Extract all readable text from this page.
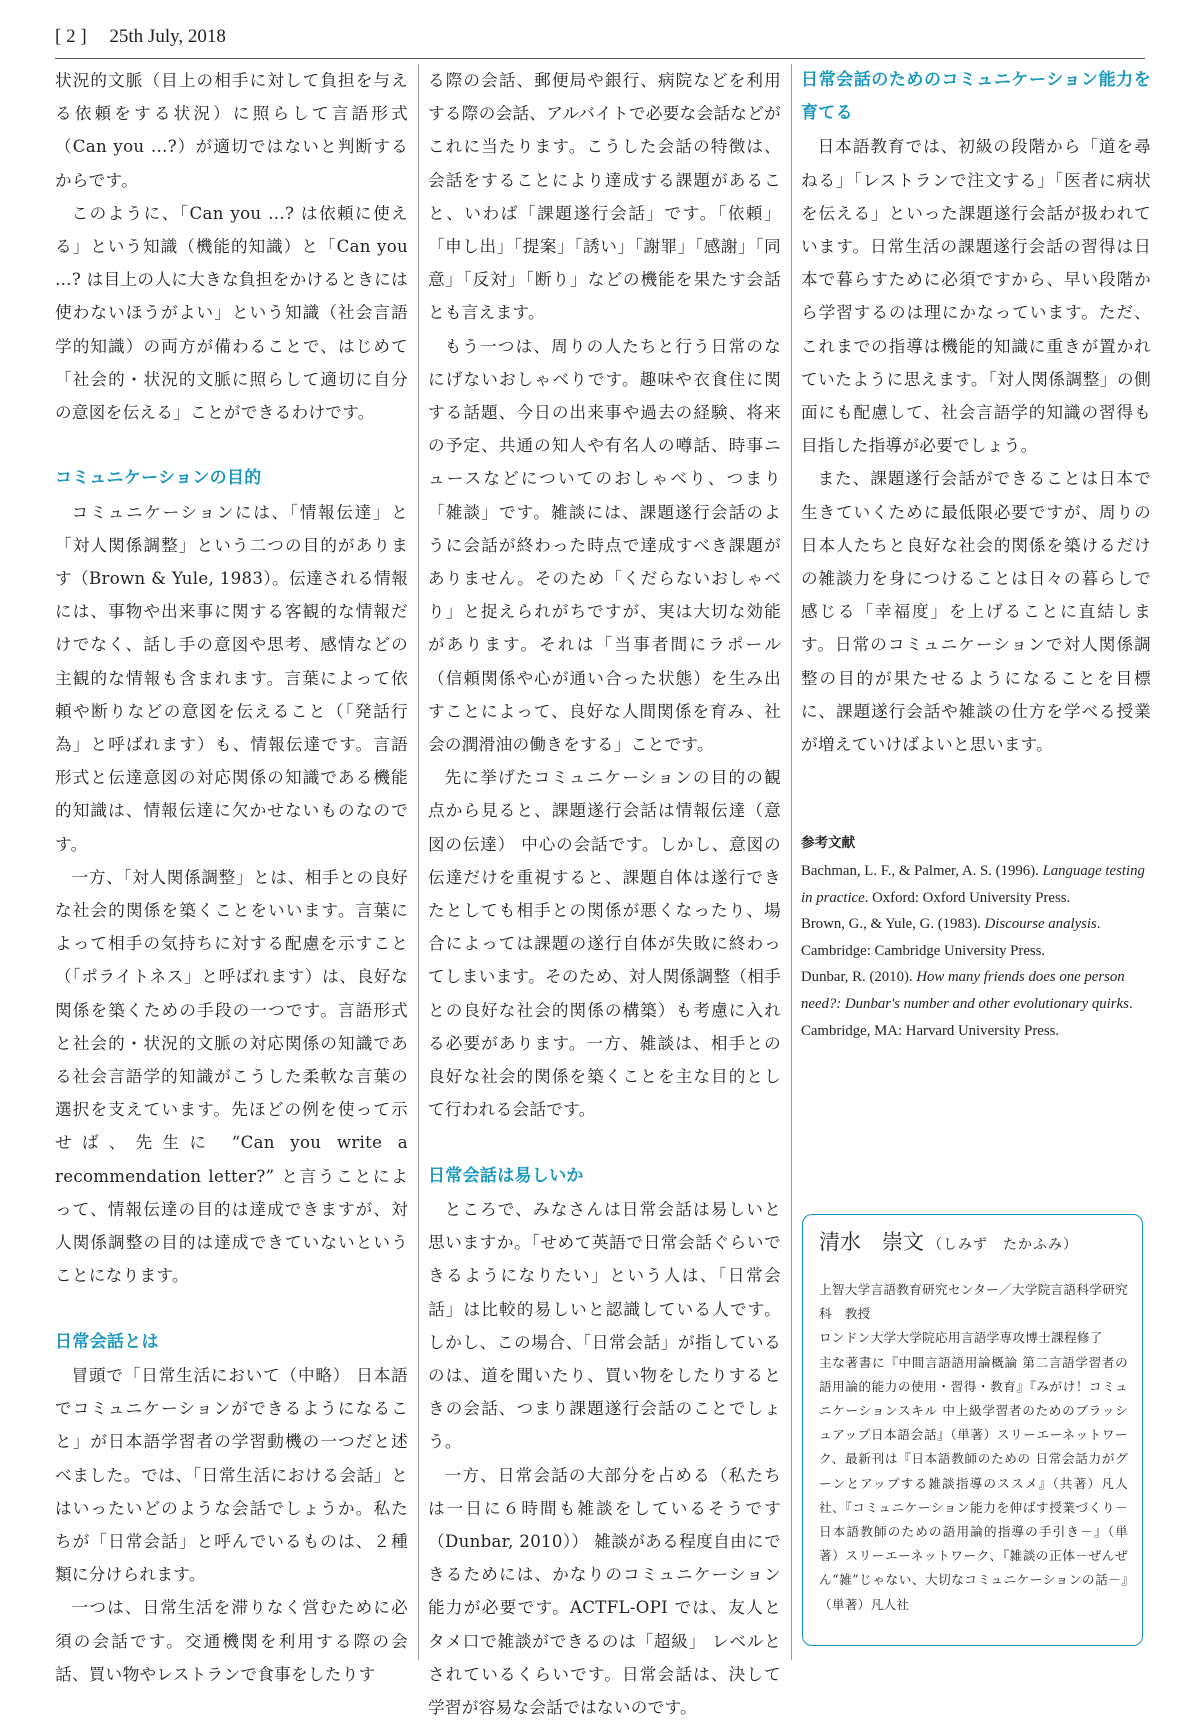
[ 2 ] 25th July, 2018

状況的文脈（目上の相手に対して負担を与える依頼をする状況）に照らして言語形式（Can you …?）が適切ではないと判断するからです。

このように、「Can you …? は依頼に使える」という知識（機能的知識）と「Can you …? は目上の人に大きな負担をかけるときには使わないほうがよい」という知識（社会言語学的知識）の両方が備わることで、はじめて「社会的・状況的文脈に照らして適切に自分の意図を伝える」ことができるわけです。

コミュニケーションの目的

コミュニケーションには、「情報伝達」と「対人関係調整」という二つの目的があります（Brown & Yule, 1983）。伝達される情報には、事物や出来事に関する客観的な情報だけでなく、話し手の意図や思考、感情などの主観的な情報も含まれます。言葉によって依頼や断りなどの意図を伝えること（「発話行為」と呼ばれます）も、情報伝達です。言語形式と伝達意図の対応関係の知識である機能的知識は、情報伝達に欠かせないものなのです。

一方、「対人関係調整」とは、相手との良好な社会的関係を築くことをいいます。言葉によって相手の気持ちに対する配慮を示すこと（「ポライトネス」と呼ばれます）は、良好な関係を築くための手段の一つです。言語形式と社会的・状況的文脈の対応関係の知識である社会言語学的知識がこうした柔軟な言葉の選択を支えています。先ほどの例を使って示せば、先生に “Can you write a recommendation letter?” と言うことによって、情報伝達の目的は達成できますが、対人関係調整の目的は達成できていないということになります。

日常会話とは

冒頭で「日常生活において（中略） 日本語でコミュニケーションができるようになること」が日本語学習者の学習動機の一つだと述べました。では、「日常生活における会話」とはいったいどのような会話でしょうか。私たちが「日常会話」と呼んでいるものは、２種類に分けられます。

一つは、日常生活を滞りなく営むために必須の会話です。交通機関を利用する際の会話、買い物やレストランで食事をしたりす

る際の会話、郵便局や銀行、病院などを利用する際の会話、アルバイトで必要な会話などがこれに当たります。こうした会話の特徴は、会話をすることにより達成する課題があること、いわば「課題遂行会話」です。「依頼」「申し出」「提案」「誘い」「謝罪」「感謝」「同意」「反対」「断り」などの機能を果たす会話とも言えます。

もう一つは、周りの人たちと行う日常のなにげないおしゃべりです。趣味や衣食住に関する話題、今日の出来事や過去の経験、将来の予定、共通の知人や有名人の噂話、時事ニュースなどについてのおしゃべり、つまり「雑談」です。雑談には、課題遂行会話のように会話が終わった時点で達成すべき課題がありません。そのため「くだらないおしゃべり」と捉えられがちですが、実は大切な効能があります。それは「当事者間にラポール（信頼関係や心が通い合った状態）を生み出すことによって、良好な人間関係を育み、社会の潤滑油の働きをする」ことです。

先に挙げたコミュニケーションの目的の観点から見ると、課題遂行会話は情報伝達（意図の伝達） 中心の会話です。しかし、意図の伝達だけを重視すると、課題自体は遂行できたとしても相手との関係が悪くなったり、場合によっては課題の遂行自体が失敗に終わってしまいます。そのため、対人関係調整（相手との良好な社会的関係の構築）も考慮に入れる必要があります。一方、雑談は、相手との良好な社会的関係を築くことを主な目的として行われる会話です。

日常会話は易しいか

ところで、みなさんは日常会話は易しいと思いますか。「せめて英語で日常会話ぐらいできるようになりたい」という人は、「日常会話」は比較的易しいと認識している人です。しかし、この場合、「日常会話」が指しているのは、道を聞いたり、買い物をしたりするときの会話、つまり課題遂行会話のことでしょう。

一方、日常会話の大部分を占める（私たちは一日に６時間も雑談をしているそうです（Dunbar, 2010）） 雑談がある程度自由にできるためには、かなりのコミュニケーション能力が必要です。ACTFL-OPI では、友人とタメ口で雑談ができるのは「超級」 レベルとされているくらいです。日常会話は、決して学習が容易な会話ではないのです。

日常会話のためのコミュニケーション能力を育てる

日本語教育では、初級の段階から「道を尋ねる」「レストランで注文する」「医者に病状を伝える」といった課題遂行会話が扱われています。日常生活の課題遂行会話の習得は日本で暮らすために必須ですから、早い段階から学習するのは理にかなっています。ただ、これまでの指導は機能的知識に重きが置かれていたように思えます。「対人関係調整」の側面にも配慮して、社会言語学的知識の習得も目指した指導が必要でしょう。

また、課題遂行会話ができることは日本で生きていくために最低限必要ですが、周りの日本人たちと良好な社会的関係を築けるだけの雑談力を身につけることは日々の暮らしで感じる「幸福度」を上げることに直結します。日常のコミュニケーションで対人関係調整の目的が果たせるようになることを目標に、課題遂行会話や雑談の仕方を学べる授業が増えていけばよいと思います。

参考文献

Bachman, L. F., & Palmer, A. S. (1996). Language testing in practice. Oxford: Oxford University Press.

Brown, G., & Yule, G. (1983). Discourse analysis. Cambridge: Cambridge University Press.

Dunbar, R. (2010). How many friends does one person need?: Dunbar's number and other evolutionary quirks. Cambridge, MA: Harvard University Press.

清水　崇文 （しみず　たかふみ）
上智大学言語教育研究センター／大学院言語科学研究科　教授
ロンドン大学大学院応用言語学専攻博士課程修了
主な著書に『中間言語語用論概論 第二言語学習者の語用論的能力の使用・習得・教育』『みがけ！コミュニケーションスキル 中上級学習者のためのブラッシュアップ日本語会話』（単著）スリーエーネットワーク、最新刊は『日本語教師のための 日常会話力がグーンとアップする雑談指導のススメ』（共著）凡人社、『コミュニケーション能力を伸ばす授業づくり－日本語教師のための語用論的指導の手引き－』（単著）スリーエーネットワーク、『雑談の正体－ぜんぜん“雑”じゃない、大切なコミュニケーションの話－』（単著）凡人社
